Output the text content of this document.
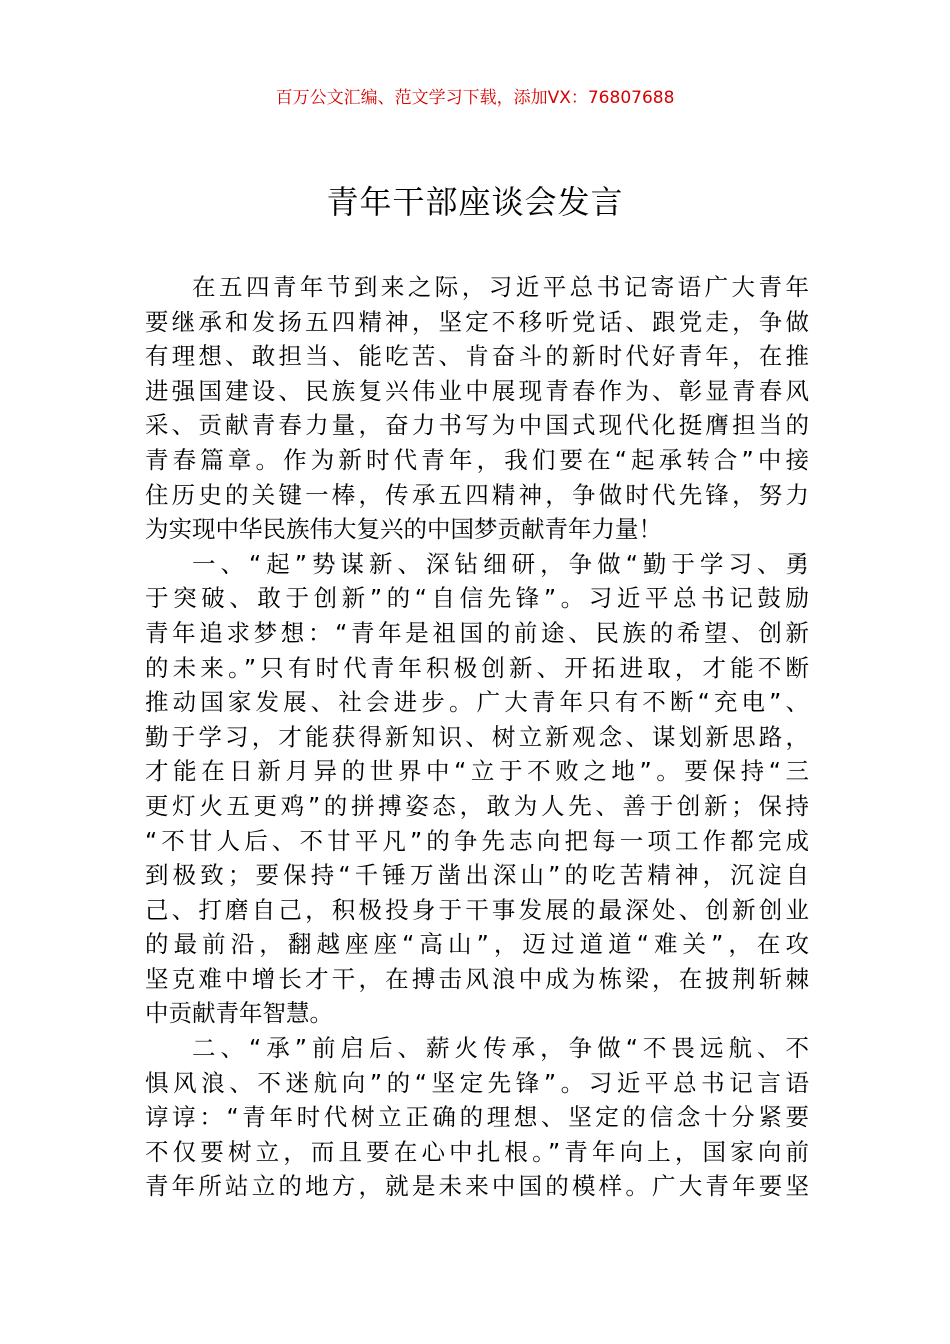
百万公文汇编、范文学习下载，添加VX：76807688
青年干部座谈会发言

在五四青年节到来之际，习近平总书记寄语广大青年
要继承和发扬五四精神，坚定不移听党话、跟党走，争做
有理想、敢担当、能吃苦、肯奋斗的新时代好青年，在推
进强国建设、民族复兴伟业中展现青春作为、彰显青春风
采、贡献青春力量，奋力书写为中国式现代化挺膺担当的
青春篇章。作为新时代青年，我们要在“起承转合”中接
住历史的关键一棒，传承五四精神，争做时代先锋，努力
为实现中华民族伟大复兴的中国梦贡献青年力量！

一、“起”势谋新、深钻细研，争做“勤于学习、勇
于突破、敢于创新”的“自信先锋”。习近平总书记鼓励
青年追求梦想：“青年是祖国的前途、民族的希望、创新
的未来。”只有时代青年积极创新、开拓进取，才能不断
推动国家发展、社会进步。广大青年只有不断“充电”、
勤于学习，才能获得新知识、树立新观念、谋划新思路，
才能在日新月异的世界中“立于不败之地”。要保持“三
更灯火五更鸡”的拼搏姿态，敢为人先、善于创新；保持
“不甘人后、不甘平凡”的争先志向把每一项工作都完成
到极致；要保持“千锤万凿出深山”的吃苦精神，沉淀自
己、打磨自己，积极投身于干事发展的最深处、创新创业
的最前沿，翻越座座“高山”，迈过道道“难关”，在攻
坚克难中增长才干，在搏击风浪中成为栋梁，在披荆斩棘
中贡献青年智慧。

二、“承”前启后、薪火传承，争做“不畏远航、不
惧风浪、不迷航向”的“坚定先锋”。习近平总书记言语
谆谆：“青年时代树立正确的理想、坚定的信念十分紧要
不仅要树立，而且要在心中扎根。”青年向上，国家向前
青年所站立的地方，就是未来中国的模样。广大青年要坚
